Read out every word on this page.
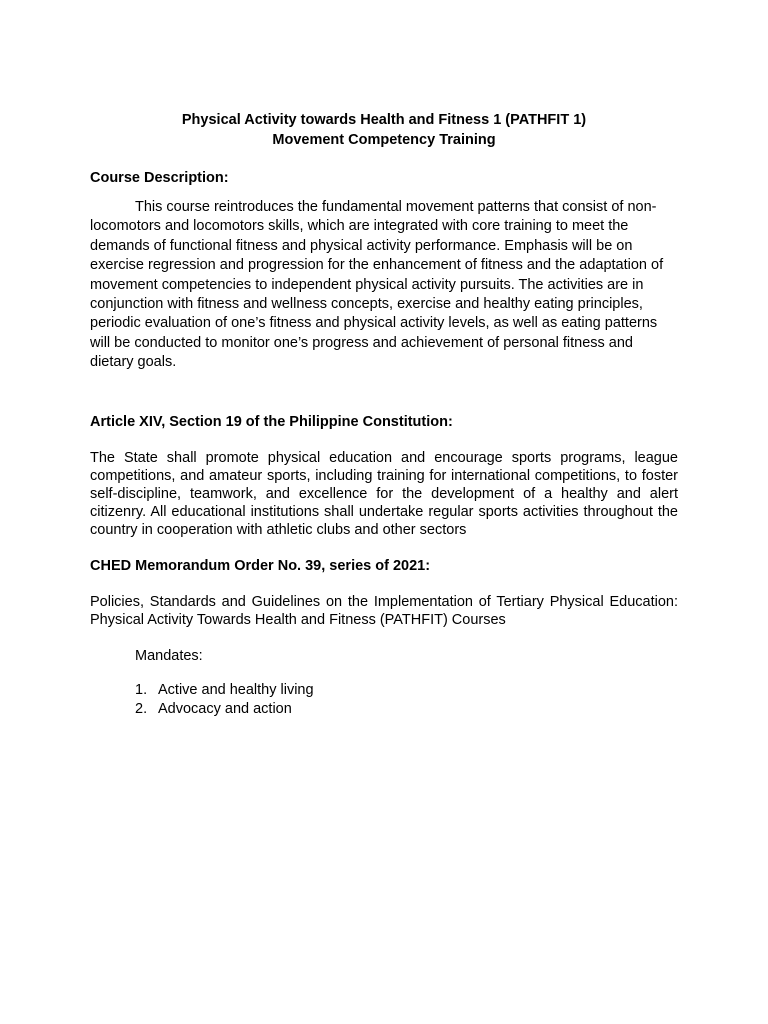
Physical Activity towards Health and Fitness 1 (PATHFIT 1)

Movement Competency Training

Course Description:

This course reintroduces the fundamental movement patterns that consist of non-locomotors and locomotors skills, which are integrated with core training to meet the demands of functional fitness and physical activity performance. Emphasis will be on exercise regression and progression for the enhancement of fitness and the adaptation of movement competencies to independent physical activity pursuits. The activities are in conjunction with fitness and wellness concepts, exercise and healthy eating principles, periodic evaluation of one’s fitness and physical activity levels, as well as eating patterns will be conducted to monitor one’s progress and achievement of personal fitness and dietary goals.

Article XIV, Section 19 of the Philippine Constitution:

The State shall promote physical education and encourage sports programs, league competitions, and amateur sports, including training for international competitions, to foster self-discipline, teamwork, and excellence for the development of a healthy and alert citizenry. All educational institutions shall undertake regular sports activities throughout the country in cooperation with athletic clubs and other sectors

CHED Memorandum Order No. 39, series of 2021:

Policies, Standards and Guidelines on the Implementation of Tertiary Physical Education: Physical Activity Towards Health and Fitness (PATHFIT) Courses

Mandates:

1. Active and healthy living
2. Advocacy and action
